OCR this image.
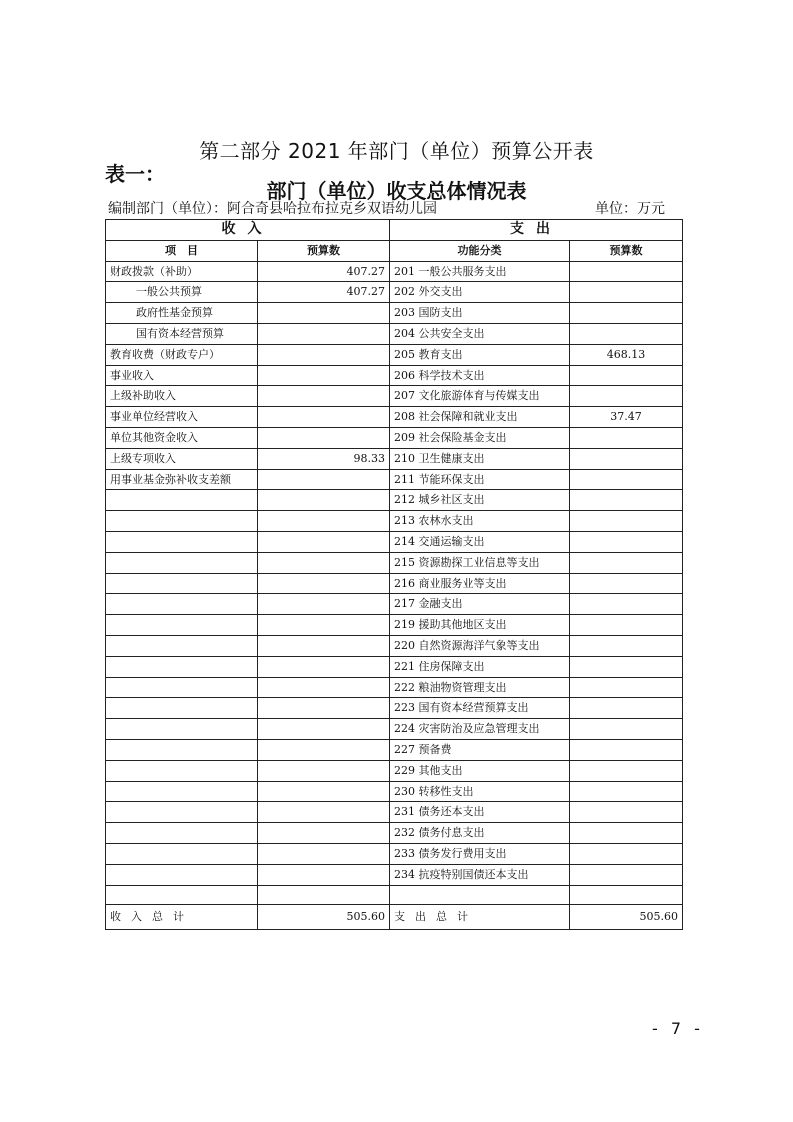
第二部分 2021 年部门（单位）预算公开表
表一：
部门（单位）收支总体情况表
编制部门（单位）：阿合奇县哈拉布拉克乡双语幼儿园	单位：万元
收入		支出	
项　目	预算数	功能分类	预算数
财政拨款（补助）	407.27	201 一般公共服务支出	
一般公共预算	407.27	202 外交支出	
政府性基金预算		203 国防支出	
国有资本经营预算		204 公共安全支出	
教育收费（财政专户）		205 教育支出	468.13
事业收入		206 科学技术支出	
上级补助收入		207 文化旅游体育与传媒支出	
事业单位经营收入		208 社会保障和就业支出	37.47
单位其他资金收入		209 社会保险基金支出	
上级专项收入	98.33	210 卫生健康支出	
用事业基金弥补收支差额		211 节能环保支出	
		212 城乡社区支出	
		213 农林水支出	
		214 交通运输支出	
		215 资源勘探工业信息等支出	
		216 商业服务业等支出	
		217 金融支出	
		219 援助其他地区支出	
		220 自然资源海洋气象等支出	
		221 住房保障支出	
		222 粮油物资管理支出	
		223 国有资本经营预算支出	
		224 灾害防治及应急管理支出	
		227 预备费	
		229 其他支出	
		230 转移性支出	
		231 债务还本支出	
		232 债务付息支出	
		233 债务发行费用支出	
		234 抗疫特别国债还本支出	

收入总计	505.60	支出总计	505.60
- 7 -
